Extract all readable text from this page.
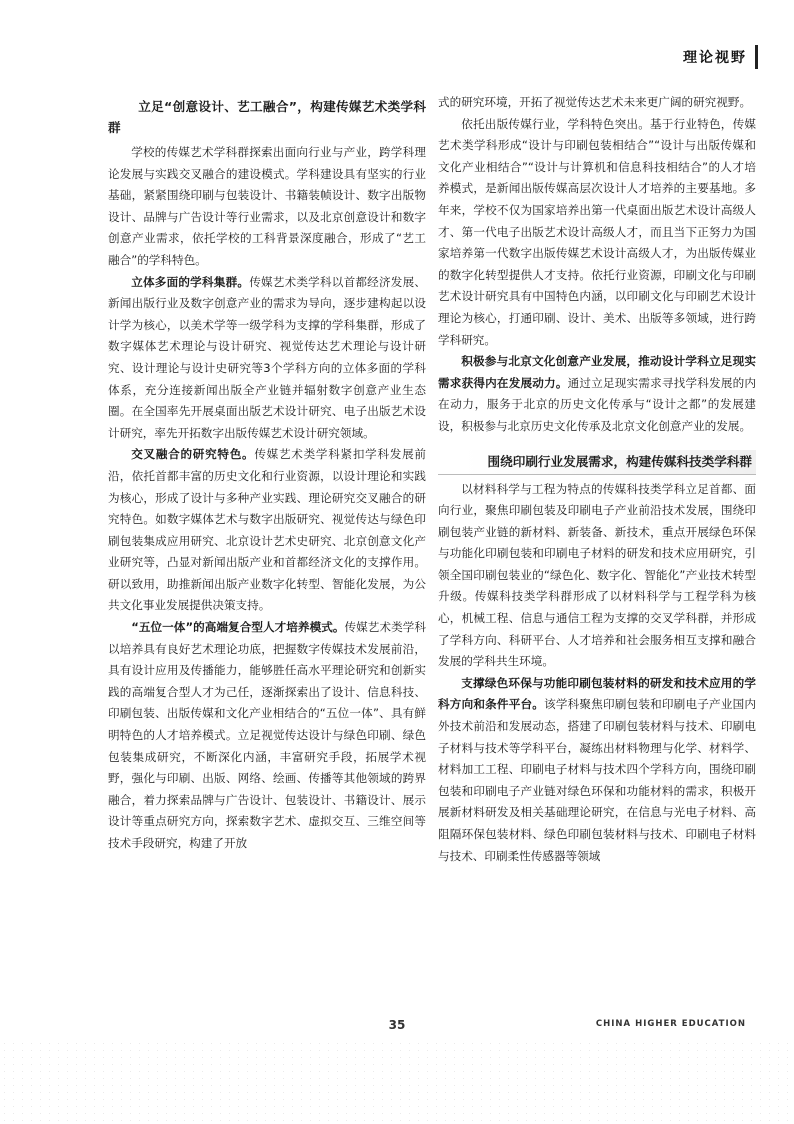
理论视野
立足“创意设计、艺工融合”，构建传媒艺术类学科群

学校的传媒艺术学科群探索出面向行业与产业，跨学科理论发展与实践交叉融合的建设模式。学科建设具有坚实的行业基础，紧紧围绕印刷与包装设计、书籍装帧设计、数字出版物设计、品牌与广告设计等行业需求，以及北京创意设计和数字创意产业需求，依托学校的工科背景深度融合，形成了“艺工融合”的学科特色。

立体多面的学科集群。传媒艺术类学科以首都经济发展、新闻出版行业及数字创意产业的需求为导向，逐步建构起以设计学为核心，以美术学等一级学科为支撑的学科集群，形成了数字媒体艺术理论与设计研究、视觉传达艺术理论与设计研究、设计理论与设计史研究等3个学科方向的立体多面的学科体系，充分连接新闻出版全产业链并辐射数字创意产业生态圈。在全国率先开展桌面出版艺术设计研究、电子出版艺术设计研究，率先开拓数字出版传媒艺术设计研究领域。

交叉融合的研究特色。传媒艺术类学科紧扣学科发展前沿，依托首都丰富的历史文化和行业资源，以设计理论和实践为核心，形成了设计与多种产业实践、理论研究交叉融合的研究特色。如数字媒体艺术与数字出版研究、视觉传达与绿色印刷包装集成应用研究、北京设计艺术史研究、北京创意文化产业研究等，凸显对新闻出版产业和首都经济文化的支撑作用。研以致用，助推新闻出版产业数字化转型、智能化发展，为公共文化事业发展提供决策支持。

“五位一体”的高端复合型人才培养模式。传媒艺术类学科以培养具有良好艺术理论功底，把握数字传媒技术发展前沿，具有设计应用及传播能力，能够胜任高水平理论研究和创新实践的高端复合型人才为己任，逐渐探索出了设计、信息科技、印刷包装、出版传媒和文化产业相结合的“五位一体”、具有鲜明特色的人才培养模式。立足视觉传达设计与绿色印刷、绿色包装集成研究，不断深化内涵，丰富研究手段，拓展学术视野，强化与印刷、出版、网络、绘画、传播等其他领域的跨界融合，着力探索品牌与广告设计、包装设计、书籍设计、展示设计等重点研究方向，探索数字艺术、虚拟交互、三维空间等技术手段研究，构建了开放

式的研究环境，开拓了视觉传达艺术未来更广阔的研究视野。

依托出版传媒行业，学科特色突出。基于行业特色，传媒艺术类学科形成“设计与印刷包装相结合”“设计与出版传媒和文化产业相结合”“设计与计算机和信息科技相结合”的人才培养模式，是新闻出版传媒高层次设计人才培养的主要基地。多年来，学校不仅为国家培养出第一代桌面出版艺术设计高级人才、第一代电子出版艺术设计高级人才，而且当下正努力为国家培养第一代数字出版传媒艺术设计高级人才，为出版传媒业的数字化转型提供人才支持。依托行业资源，印刷文化与印刷艺术设计研究具有中国特色内涵，以印刷文化与印刷艺术设计理论为核心，打通印刷、设计、美术、出版等多领域，进行跨学科研究。

积极参与北京文化创意产业发展，推动设计学科立足现实需求获得内在发展动力。通过立足现实需求寻找学科发展的内在动力，服务于北京的历史文化传承与“设计之都”的发展建设，积极参与北京历史文化传承及北京文化创意产业的发展。

围绕印刷行业发展需求，构建传媒科技类学科群

以材料科学与工程为特点的传媒科技类学科立足首都、面向行业，聚焦印刷包装及印刷电子产业前沿技术发展，围绕印刷包装产业链的新材料、新装备、新技术，重点开展绿色环保与功能化印刷包装和印刷电子材料的研发和技术应用研究，引领全国印刷包装业的“绿色化、数字化、智能化”产业技术转型升级。传媒科技类学科群形成了以材料科学与工程学科为核心，机械工程、信息与通信工程为支撑的交叉学科群，并形成了学科方向、科研平台、人才培养和社会服务相互支撑和融合发展的学科共生环境。

支撑绿色环保与功能印刷包装材料的研发和技术应用的学科方向和条件平台。该学科聚焦印刷包装和印刷电子产业国内外技术前沿和发展动态，搭建了印刷包装材料与技术、印刷电子材料与技术等学科平台，凝练出材料物理与化学、材料学、材料加工工程、印刷电子材料与技术四个学科方向，围绕印刷包装和印刷电子产业链对绿色环保和功能材料的需求，积极开展新材料研发及相关基础理论研究，在信息与光电子材料、高阻隔环保包装材料、绿色印刷包装材料与技术、印刷电子材料与技术、印刷柔性传感器等领域

35	CHINA HIGHER EDUCATION
